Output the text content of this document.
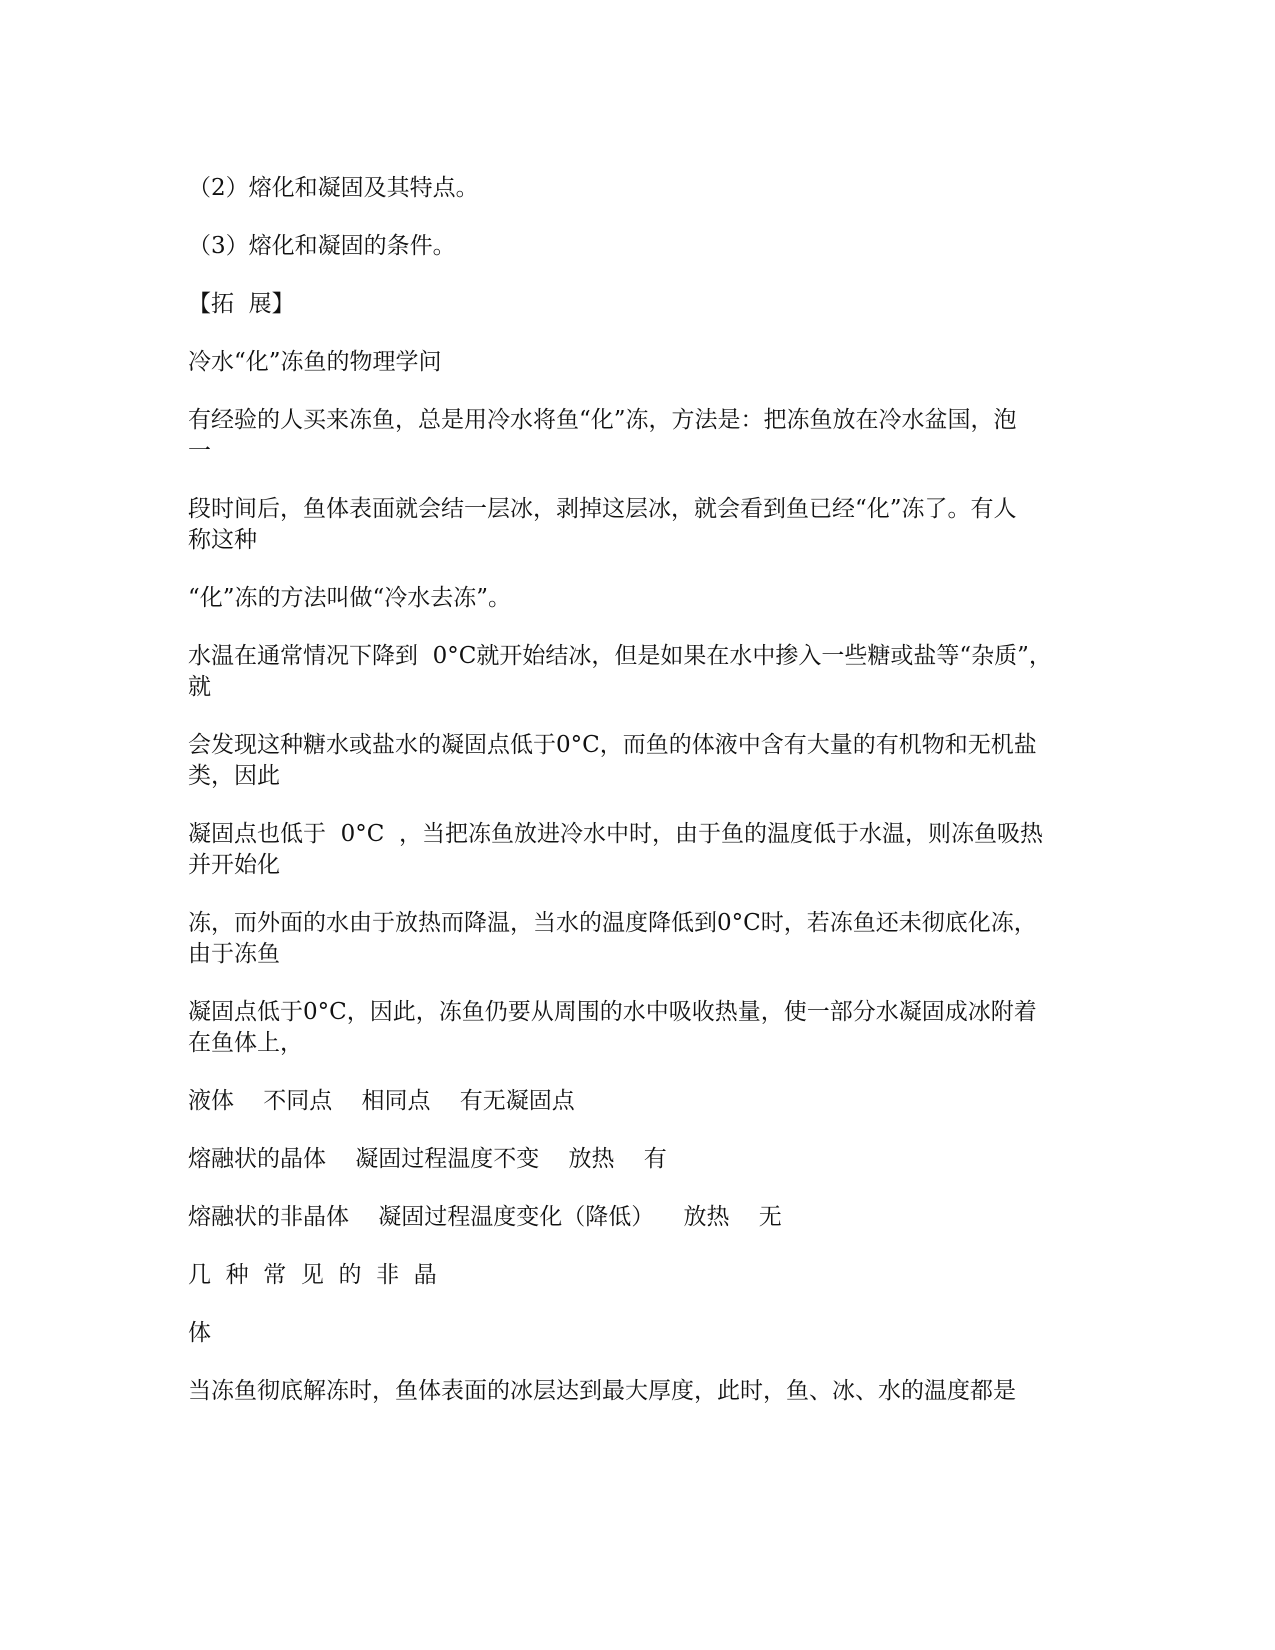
（2）熔化和凝固及其特点。
（3）熔化和凝固的条件。
【拓  展】
冷水“化”冻鱼的物理学问
有经验的人买来冻鱼，总是用冷水将鱼“化”冻，方法是：把冻鱼放在冷水盆国，泡
一
段时间后，鱼体表面就会结一层冰，剥掉这层冰，就会看到鱼已经“化”冻了。有人
称这种
“化”冻的方法叫做“冷水去冻”。
水温在通常情况下降到  0°C就开始结冰，但是如果在水中掺入一些糖或盐等“杂质”，
就
会发现这种糖水或盐水的凝固点低于0°C，而鱼的体液中含有大量的有机物和无机盐
类，因此
凝固点也低于  0°C  ，当把冻鱼放进冷水中时，由于鱼的温度低于水温，则冻鱼吸热
并开始化
冻，而外面的水由于放热而降温，当水的温度降低到0°C时，若冻鱼还未彻底化冻，
由于冻鱼
凝固点低于0°C，因此，冻鱼仍要从周围的水中吸收热量，使一部分水凝固成冰附着
在鱼体上，
液体    不同点    相同点    有无凝固点
熔融状的晶体    凝固过程温度不变    放热    有
熔融状的非晶体    凝固过程温度变化（降低）    放热    无
几  种  常  见  的  非  晶
体
当冻鱼彻底解冻时，鱼体表面的冰层达到最大厚度，此时，鱼、冰、水的温度都是
